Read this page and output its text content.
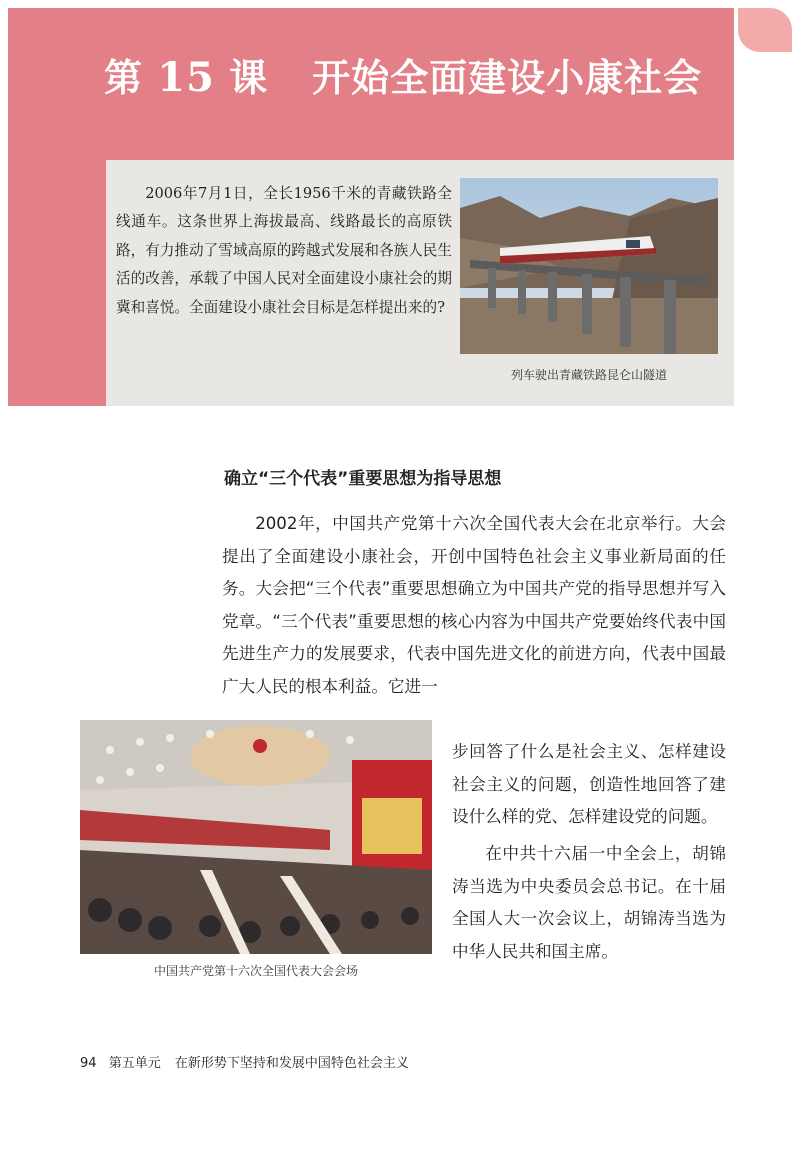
第 15 课 开始全面建设小康社会
2006年7月1日，全长1956千米的青藏铁路全线通车。这条世界上海拔最高、线路最长的高原铁路，有力推动了雪域高原的跨越式发展和各族人民生活的改善，承载了中国人民对全面建设小康社会的期冀和喜悦。全面建设小康社会目标是怎样提出来的?
列车驶出青藏铁路昆仑山隧道
确立“三个代表”重要思想为指导思想
2002年，中国共产党第十六次全国代表大会在北京举行。大会提出了全面建设小康社会，开创中国特色社会主义事业新局面的任务。大会把“三个代表”重要思想确立为中国共产党的指导思想并写入党章。“三个代表”重要思想的核心内容为中国共产党要始终代表中国先进生产力的发展要求，代表中国先进文化的前进方向，代表中国最广大人民的根本利益。它进一
中国共产党第十六次全国代表大会会场
步回答了什么是社会主义、怎样建设社会主义的问题，创造性地回答了建设什么样的党、怎样建设党的问题。
在中共十六届一中全会上，胡锦涛当选为中央委员会总书记。在十届全国人大一次会议上，胡锦涛当选为中华人民共和国主席。
94 第五单元 在新形势下坚持和发展中国特色社会主义
